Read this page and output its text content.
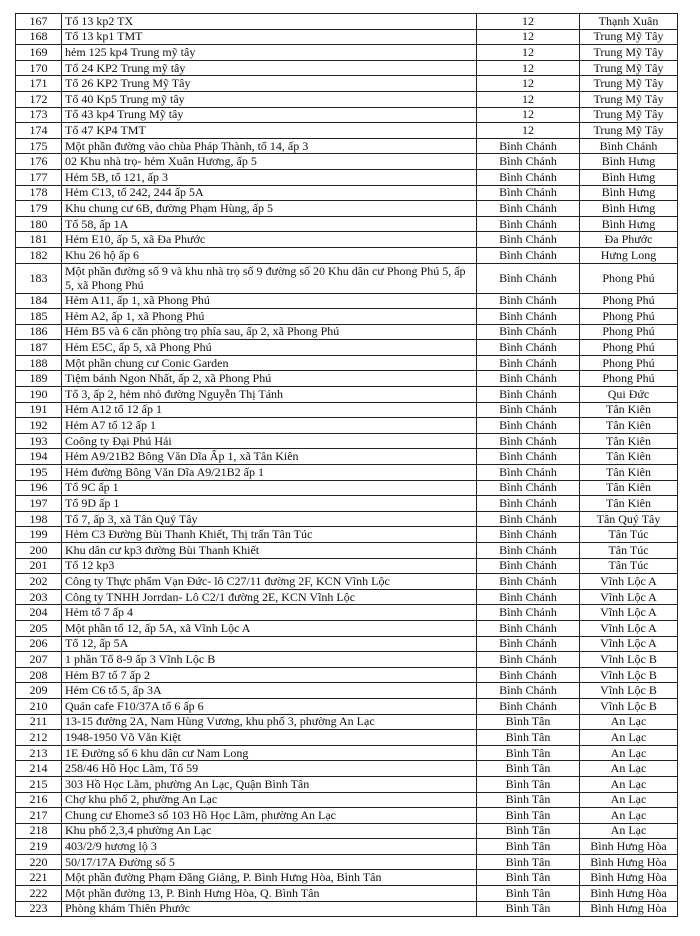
167	Tổ 13 kp2 TX	12	Thạnh Xuân
168	Tổ 13 kp1 TMT	12	Trung Mỹ Tây
169	hẻm 125 kp4 Trung mỹ tây	12	Trung Mỹ Tây
170	Tổ 24 KP2 Trung mỹ tây	12	Trung Mỹ Tây
171	Tổ 26 KP2 Trung Mỹ Tây	12	Trung Mỹ Tây
172	Tổ 40 Kp5 Trung mỹ tây	12	Trung Mỹ Tây
173	Tổ 43 kp4 Trung Mỹ tây	12	Trung Mỹ Tây
174	Tổ 47 KP4 TMT	12	Trung Mỹ Tây
175	Một phần đường vào chùa Pháp Thành, tổ 14, ấp 3	Bình Chánh	Bình Chánh
176	02 Khu nhà trọ- hẻm Xuân Hương, ấp 5	Bình Chánh	Bình Hưng
177	Hẻm 5B, tổ 121, ấp 3	Bình Chánh	Bình Hưng
178	Hẻm C13, tổ 242, 244 ấp 5A	Bình Chánh	Bình Hưng
179	Khu chung cư 6B, đường Phạm Hùng, ấp 5	Bình Chánh	Bình Hưng
180	Tổ 58, ấp 1A	Bình Chánh	Bình Hưng
181	Hẻm E10, ấp 5, xã Đa Phước	Bình Chánh	Đa Phước
182	Khu 26 hộ ấp 6	Bình Chánh	Hưng Long
183	Một phần đường số 9 và khu nhà trọ số 9 đường số 20 Khu dân cư Phong Phú 5, ấp 5, xã Phong Phú	Bình Chánh	Phong Phú
184	Hẻm A11, ấp 1, xã Phong Phú	Bình Chánh	Phong Phú
185	Hẻm A2, ấp 1, xã Phong Phú	Bình Chánh	Phong Phú
186	Hẻm B5 và 6 căn phòng trọ phía sau, ấp 2, xã Phong Phú	Bình Chánh	Phong Phú
187	Hẻm E5C, ấp 5, xã Phong Phú	Bình Chánh	Phong Phú
188	Một phần chung cư Conic Garden	Bình Chánh	Phong Phú
189	Tiệm bánh Ngon Nhất, ấp 2, xã Phong Phú	Bình Chánh	Phong Phú
190	Tổ 3, ấp 2, hẻm nhỏ đường Nguyễn Thị Tánh	Bình Chánh	Qui Đức
191	Hẻm A12 tổ 12 ấp 1	Bình Chánh	Tân Kiên
192	Hẻm A7 tổ 12 ấp 1	Bình Chánh	Tân Kiên
193	Coông ty Đại Phú Hải	Bình Chánh	Tân Kiên
194	Hẻm A9/21B2 Bông Văn Dĩa Ấp 1, xã Tân Kiên	Bình Chánh	Tân Kiên
195	Hẻm đường Bông Văn Dĩa A9/21B2 ấp 1	Bình Chánh	Tân Kiên
196	Tổ 9C ấp 1	Bình Chánh	Tân Kiên
197	Tổ 9D ấp 1	Bình Chánh	Tân Kiên
198	Tổ 7, ấp 3, xã Tân Quý Tây	Bình Chánh	Tân Quý Tây
199	Hẻm C3 Đường Bùi Thanh Khiết, Thị trấn Tân Túc	Bình Chánh	Tân Túc
200	Khu dân cư kp3 đường Bùi Thanh Khiết	Bình Chánh	Tân Túc
201	Tổ 12 kp3	Bình Chánh	Tân Túc
202	Công ty Thực phẩm Vạn Đức- lô C27/11 đường 2F, KCN Vĩnh Lộc	Bình Chánh	Vĩnh Lộc A
203	Công ty TNHH Jorrdan- Lô C2/1 đường 2E, KCN Vĩnh Lộc	Bình Chánh	Vĩnh Lộc A
204	Hẻm tổ 7 ấp 4	Bình Chánh	Vĩnh Lộc A
205	Một phần tổ 12, ấp 5A, xã Vĩnh Lộc A	Bình Chánh	Vĩnh Lộc A
206	Tổ 12, ấp 5A	Bình Chánh	Vĩnh Lộc A
207	1 phần Tổ 8-9 ấp 3 Vĩnh Lộc B	Bình Chánh	Vĩnh Lộc B
208	Hẻm B7 tổ 7 ấp 2	Bình Chánh	Vĩnh Lộc B
209	Hẻm C6 tổ 5, ấp 3A	Bình Chánh	Vĩnh Lộc B
210	Quán cafe F10/37A tổ 6 ấp 6	Bình Chánh	Vĩnh Lộc B
211	13-15 đường 2A, Nam Hùng Vương, khu phố 3, phường An Lạc	Bình Tân	An Lạc
212	1948-1950 Võ Văn Kiệt	Bình Tân	An Lạc
213	1E Đường số 6 khu dân cư Nam Long	Bình Tân	An Lạc
214	258/46 Hồ Học Lãm, Tổ 59	Bình Tân	An Lạc
215	303 Hồ Học Lãm, phường An Lạc, Quận Bình Tân	Bình Tân	An Lạc
216	Chợ khu phố 2, phường An Lạc	Bình Tân	An Lạc
217	Chung cư Ehome3 số 103 Hồ Học Lãm, phường An Lạc	Bình Tân	An Lạc
218	Khu phố 2,3,4 phường An Lạc	Bình Tân	An Lạc
219	403/2/9 hương lộ 3	Bình Tân	Bình Hưng Hòa
220	50/17/17A Đường số 5	Bình Tân	Bình Hưng Hòa
221	Một phần đường Phạm Đăng Giảng, P. Bình Hưng Hòa, Bình Tân	Bình Tân	Bình Hưng Hòa
222	Một phần đường 13, P. Bình Hưng Hòa, Q. Bình Tân	Bình Tân	Bình Hưng Hòa
223	Phòng khám Thiên Phước	Bình Tân	Bình Hưng Hòa
